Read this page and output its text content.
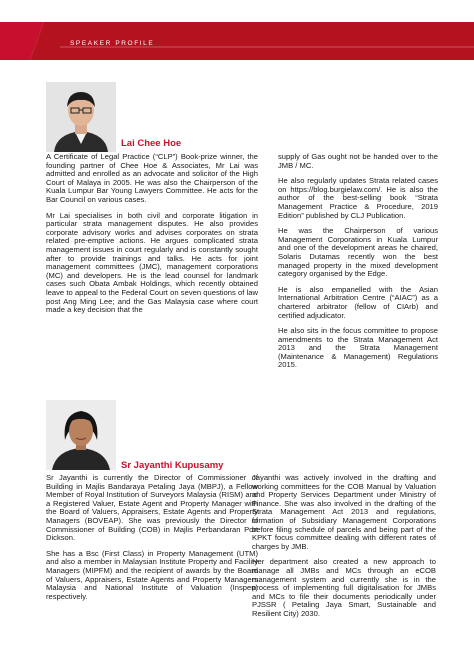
SPEAKER PROFILE
Lai Chee Hoe

A Certificate of Legal Practice (“CLP”) Book-prize winner, the founding partner of Chee Hoe & Associates, Mr Lai was admitted and enrolled as an advocate and solicitor of the High Court of Malaya in 2005. He was also the Chairperson of the Kuala Lumpur Bar Young Lawyers Committee. He acts for the Bar Council on various cases.

Mr Lai specialises in both civil and corporate litigation in particular strata management disputes. He also provides corporate advisory works and advises corporates on strata related pre-emptive actions. He argues complicated strata management issues in court regularly and is constantly sought after to provide trainings and talks. He acts for joint management committees (JMC), management corporations (MC) and developers. He is the lead counsel for landmark cases such Obata Ambak Holdings, which recently obtained leave to appeal to the Federal Court on seven questions of law post Ang Ming Lee; and the Gas Malaysia case where court made a key decision that the

supply of Gas ought not be handed over to the JMB / MC.

He also regularly updates Strata related cases on https://blog.burgielaw.com/. He is also the author of the best-selling book “Strata Management Practice & Procedure, 2019 Edition” published by CLJ Publication.

He was the Chairperson of various Management Corporations in Kuala Lumpur and one of the development areas he chaired, Solaris Dutamas recently won the best managed property in the mixed development category organised by the Edge.

He is also empanelled with the Asian International Arbitration Centre (“AIAC”) as a chartered arbitrator (fellow of CIArb) and certified adjudicator.

He also sits in the focus committee to propose amendments to the Strata Management Act 2013 and the Strata Management (Maintenance & Management) Regulations 2015.

Sr Jayanthi Kupusamy

Sr Jayanthi is currently the Director of Commissioner of Building in Majlis Bandaraya Petaling Jaya (MBPJ), a Fellow Member of Royal Institution of Surveyors Malaysia (RISM) and a Registered Valuer, Estate Agent and Property Manager with the Board of Valuers, Appraisers, Estate Agents and Property Managers (BOVEAP). She was previously the Director of Commissioner of Building (COB) in Majlis Perbandaran Port Dickson.

She has a Bsc (First Class) in Property Management (UTM) and also a member in Malaysian Institute Property and Facility Managers (MIPFM) and the recipient of awards by the Board of Valuers, Appraisers, Estate Agents and Property Managers Malaysia and National Institute of Valuation (Inspen) respectively.

Jayanthi was actively involved in the drafting and working committees for the COB Manual by Valuation and Property Services Department under Ministry of Finance. She was also involved in the drafting of the Strata Management Act 2013 and regulations, formation of Subsidiary Management Corporations before filing schedule of parcels and being part of the KPKT focus committee dealing with different rates of charges by JMB.

Her department also created a new approach to manage all JMBs and MCs through an eCOB management system and currently she is in the process of implementing full digitalisation for JMBs and MCs to file their documents periodically under PJSSR ( Petaling Jaya Smart, Sustainable and Resilient City) 2030.
